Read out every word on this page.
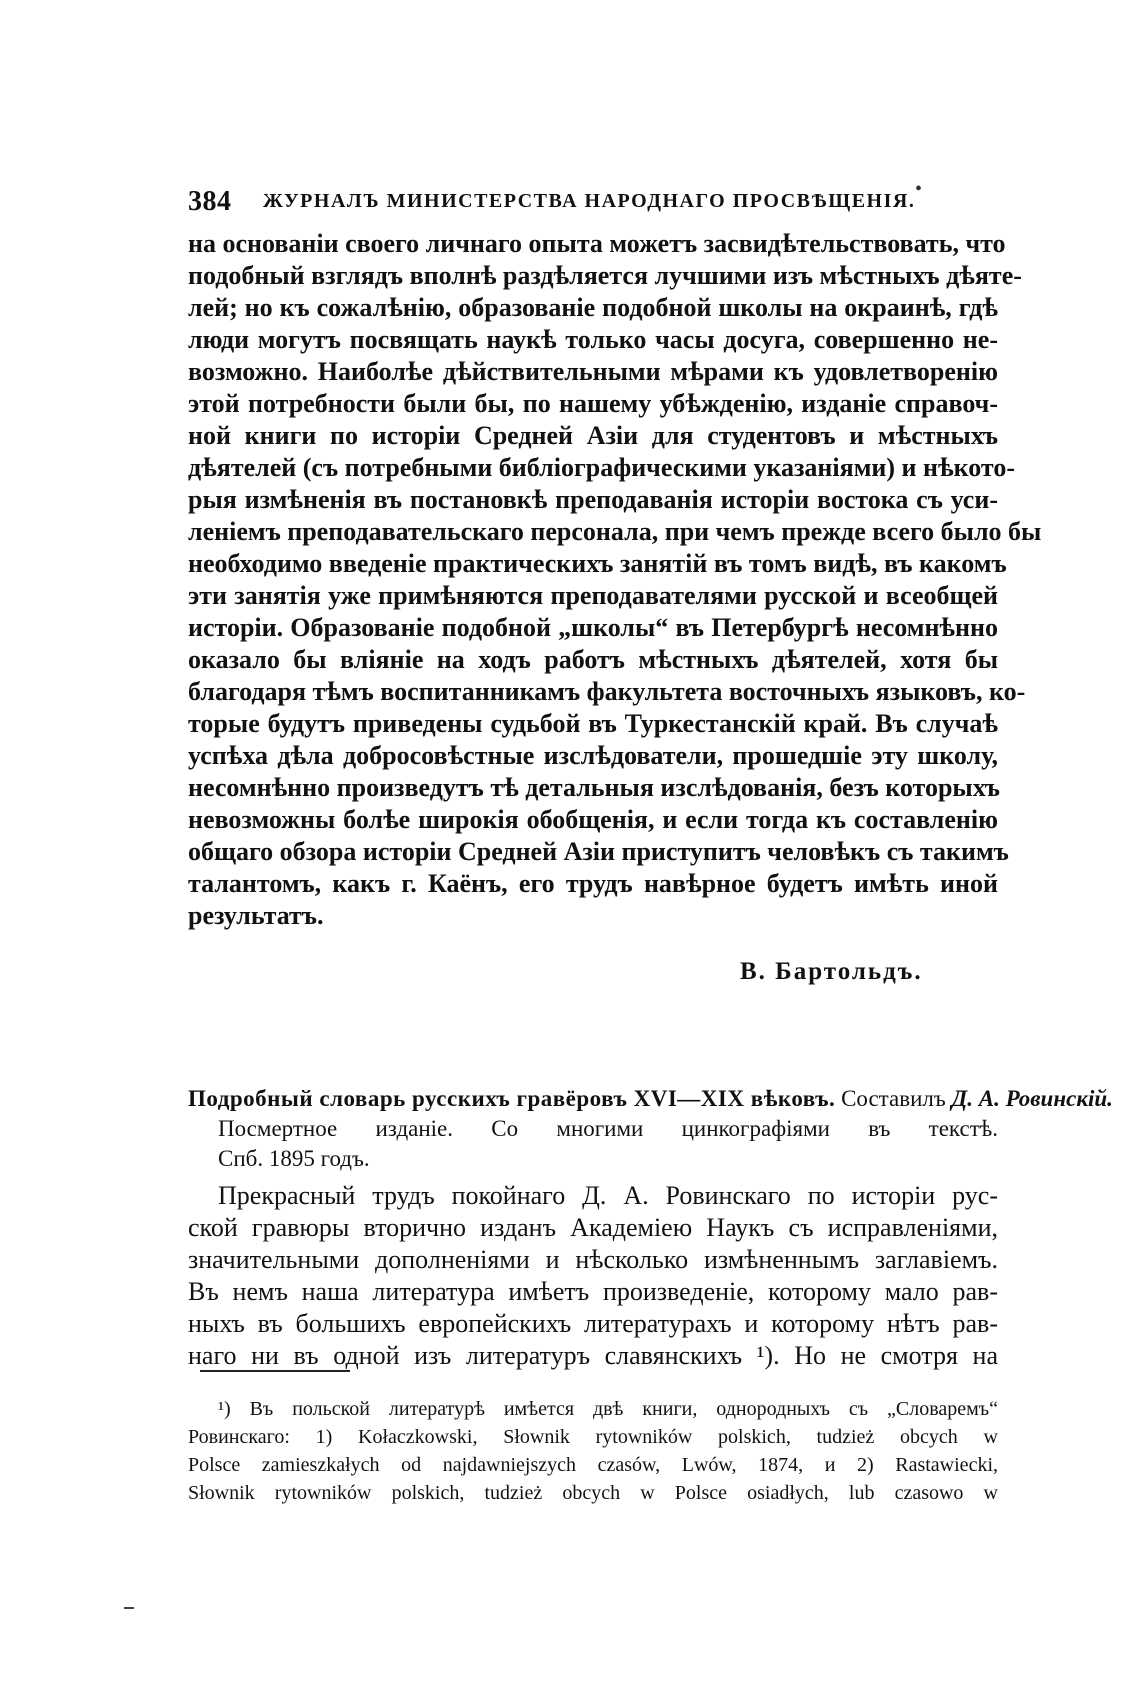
384 ЖУРНАЛЪ МИНИСТЕРСТВА НАРОДНАГО ПРОСВѢЩЕНІЯ.
•
на основаніи своего личнаго опыта можетъ засвидѣтельствовать, что
подобный взглядъ вполнѣ раздѣляется лучшими изъ мѣстныхъ дѣяте-
лей; но къ сожалѣнію, образованіе подобной школы на окраинѣ, гдѣ
люди могутъ посвящать наукѣ только часы досуга, совершенно не-
возможно. Наиболѣе дѣйствительными мѣрами къ удовлетворенію
этой потребности были бы, по нашему убѣжденію, изданіе справоч-
ной книги по исторіи Средней Азіи для студентовъ и мѣстныхъ
дѣятелей (съ потребными библіографическими указаніями) и нѣкото-
рыя измѣненія въ постановкѣ преподаванія исторіи востока съ уси-
леніемъ преподавательскаго персонала, при чемъ прежде всего было бы
необходимо введеніе практическихъ занятій въ томъ видѣ, въ какомъ
эти занятія уже примѣняются преподавателями русской и всеобщей
исторіи. Образованіе подобной „школы“ въ Петербургѣ несомнѣнно
оказало бы вліяніе на ходъ работъ мѣстныхъ дѣятелей, хотя бы
благодаря тѣмъ воспитанникамъ факультета восточныхъ языковъ, ко-
торые будутъ приведены судьбой въ Туркестанскій край. Въ случаѣ
успѣха дѣла добросовѣстные изслѣдователи, прошедшіе эту школу,
несомнѣнно произведутъ тѣ детальныя изслѣдованія, безъ которыхъ
невозможны болѣе широкія обобщенія, и если тогда къ составленію
общаго обзора исторіи Средней Азіи приступитъ человѣкъ съ такимъ
талантомъ, какъ г. Каёнъ, его трудъ навѣрное будетъ имѣть иной
результатъ.
В. Бартольдъ.
Подробный словарь русскихъ гравёровъ XVI—XIX вѣковъ. Составилъ Д. А. Ровинскій.
Посмертное изданіе. Со многими цинкографіями въ текстѣ.
Спб. 1895 годъ.
Прекрасный трудъ покойнаго Д. А. Ровинскаго по исторіи рус-
ской гравюры вторично изданъ Академіею Наукъ съ исправленіями,
значительными дополненіями и нѣсколько измѣненнымъ заглавіемъ.
Въ немъ наша литература имѣетъ произведеніе, которому мало рав-
ныхъ въ большихъ европейскихъ литературахъ и которому нѣтъ рав-
наго ни въ одной изъ литературъ славянскихъ ¹). Но не смотря на
¹) Въ польской литературѣ имѣется двѣ книги, однородныхъ съ „Словаремъ“
Ровинскаго: 1) Kołaczkowski, Słownik rytowników polskich, tudzież obcych w
Polsce zamieszkałych od najdawniejszych czasów, Lwów, 1874, и 2) Rastawiecki,
Słownik rytowników polskich, tudzież obcych w Polsce osiadłych, lub czasowo w
